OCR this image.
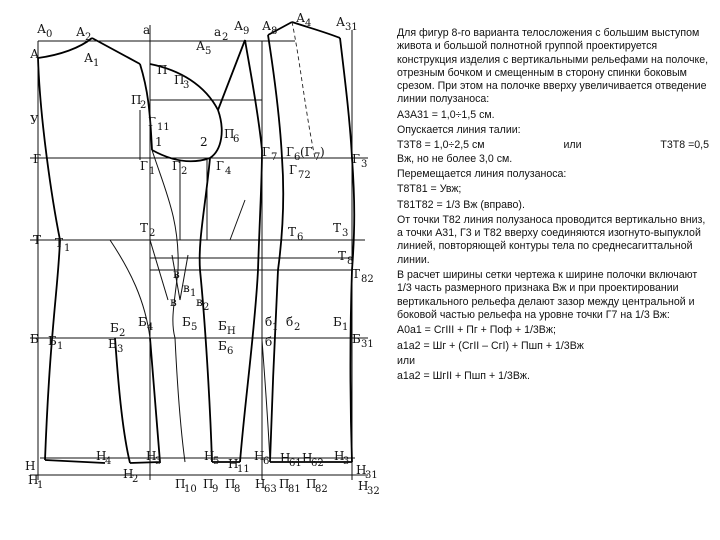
А 0 А 2
а	а 2
А 9 А 8
А 4 А 31
А	А 1
А 5
П
П
3
У
П
2
Г 11	П
6
1	2
Г	Г 1 Г 2 Г 4
Г 7 Г 6 (Г 7 ) Г 3
Г 72
Т Т 1
Т 2	Т 6
Т 3
Т 8
Т 82
в
в 1
в в 2
Б Б 1
Б 2
Б 4 Б 5 Б H
Б 3	Б 6
б 1 б 2
б
Б 1
Б 31
Н
Н
1
Н
4	Н
3
Н
2
Н
5 Н
11
Н
6 Н
61 Н
62
Н
3
Н
31
П
10 П
9 П
8 Н
63 П
81 П
82	Н
32

Для фигур 8-го варианта телосложения с большим выступом живота и большой полнотной группой проектируется конструкция изделия с вертикальными рельефами на полочке, отрезным бочком и смещенным в сторону спинки боковым срезом. При этом на полочке вверху увеличивается отведение линии полузаноса:

А3А31 = 1,0÷1,5 см.

Опускается линия талии:

Т3Т8 = 1,0÷2,5 см	или	Т3Т8 =0,5

Вж, но не более 3,0 см.

Перемещается линия полузаноса:

Т8Т81 = Увж;

Т81Т82 = 1/3 Вж (вправо).

От точки Т82 линия полузаноса проводится вертикально вниз, а точки А31, Г3 и Т82 вверху соединяются изогнуто-выпуклой линией, повторяющей контуры тела по среднесагиттальной линии.

В расчет ширины сетки чертежа к ширине полочки включают 1/3 часть размерного признака Вж и при проектировании вертикального рельефа делают зазор между центральной и боковой частью рельефа на уровне точки Г7 на 1/3 Вж:

А0а1 = СгIII + Пг + Поф + 1/3Вж;

а1а2 = Шг + (СгII – СгI) + Пшп + 1/3Вж

или

а1а2 = ШгII + Пшп + 1/3Вж.
